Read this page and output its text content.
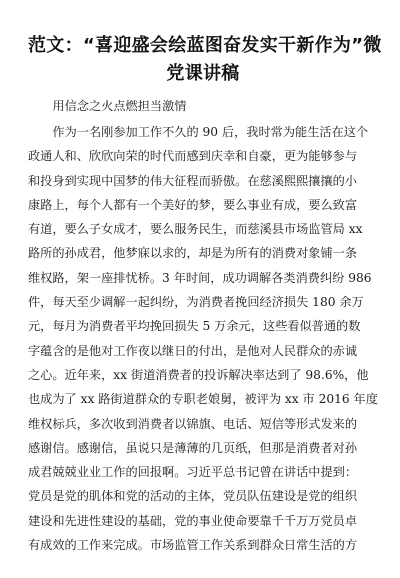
范文：“喜迎盛会绘蓝图奋发实干新作为”微
党课讲稿

用信念之火点燃担当激情

作为一名刚参加工作不久的 90 后，我时常为能生活在这个
政通人和、欣欣向荣的时代而感到庆幸和自豪，更为能够参与
和投身到实现中国梦的伟大征程而骄傲。在慈溪熙熙攘攘的小
康路上，每个人都有一个美好的梦，要么事业有成，要么致富
有道，要么子女成才，要么服务民生，而慈溪县市场监管局 xx
路所的孙成君，他梦寐以求的，却是为所有的消费对象铺一条
维权路，架一座排忧桥。3 年时间，成功调解各类消费纠纷 986
件，每天至少调解一起纠纷，为消费者挽回经济损失 180 余万
元，每月为消费者平均挽回损失 5 万余元，这些看似普通的数
字蕴含的是他对工作夜以继日的付出，是他对人民群众的赤诚
之心。近年来，xx 街道消费者的投诉解决率达到了 98.6%，他
也成为了 xx 路街道群众的专职老娘舅，被评为 xx 市 2016 年度
维权标兵，多次收到消费者以锦旗、电话、短信等形式发来的
感谢信。感谢信，虽说只是薄薄的几页纸，但那是消费者对孙
成君兢兢业业工作的回报啊。习近平总书记曾在讲话中提到：
党员是党的肌体和党的活动的主体，党员队伍建设是党的组织
建设和先进性建设的基础，党的事业使命要靠千千万万党员卓
有成效的工作来完成。市场监管工作关系到群众日常生活的方
